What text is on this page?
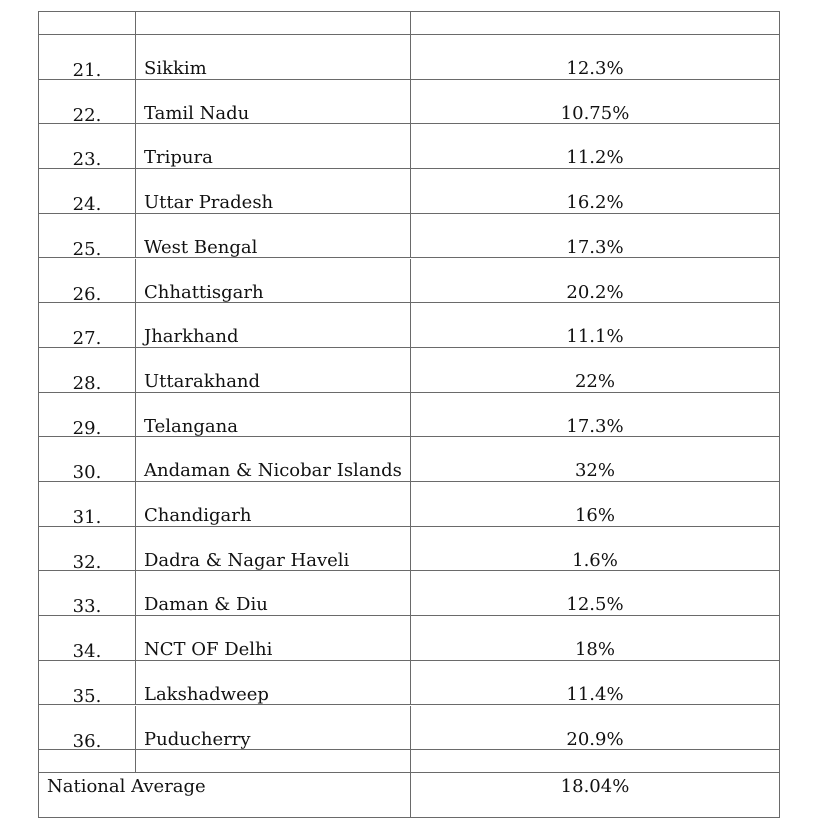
21.	Sikkim	12.3%
22.	Tamil Nadu	10.75%
23.	Tripura	11.2%
24.	Uttar Pradesh	16.2%
25.	West Bengal	17.3%
26.	Chhattisgarh	20.2%
27.	Jharkhand	11.1%
28.	Uttarakhand	22%
29.	Telangana	17.3%
30.	Andaman & Nicobar Islands	32%
31.	Chandigarh	16%
32.	Dadra & Nagar Haveli	1.6%
33.	Daman & Diu	12.5%
34.	NCT OF Delhi	18%
35.	Lakshadweep	11.4%
36.	Puducherry	20.9%
National Average	18.04%
